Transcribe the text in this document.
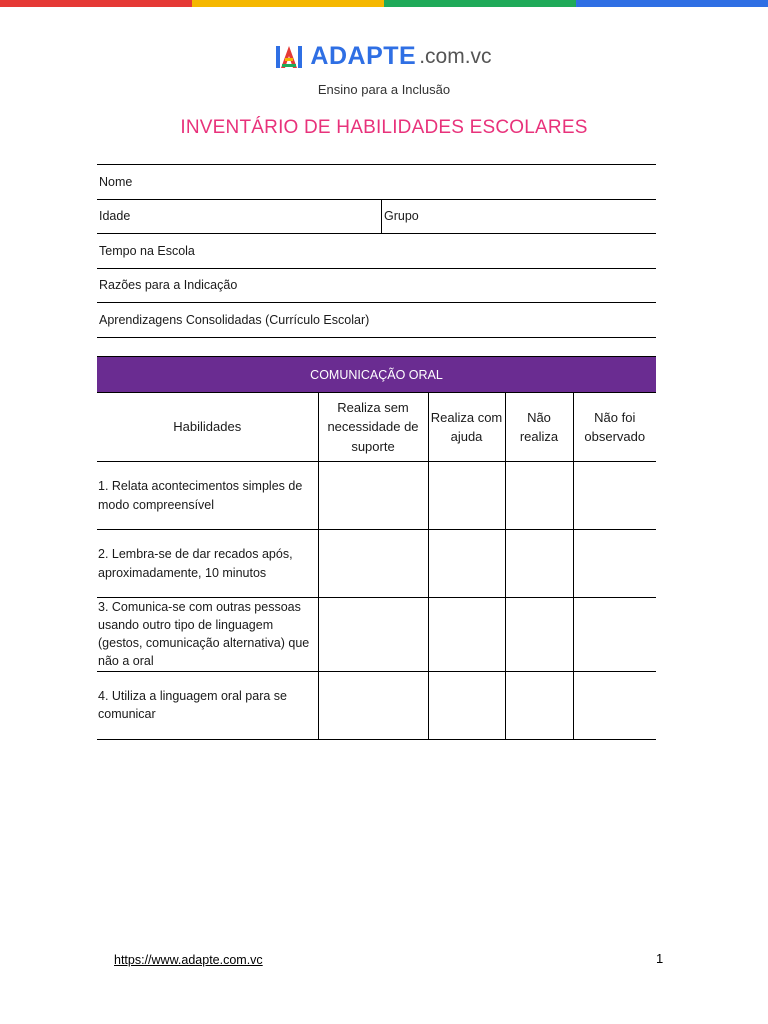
ADAPTE .com.vc
Ensino para a Inclusão
INVENTÁRIO DE HABILIDADES ESCOLARES
Nome
Idade	Grupo
Tempo na Escola
Razões para a Indicação
Aprendizagens Consolidadas (Currículo Escolar)
COMUNICAÇÃO ORAL				
Habilidades	Realiza sem necessidade de suporte	Realiza com ajuda	Não realiza	Não foi observado
1. Relata acontecimentos simples de modo compreensível				
2. Lembra-se de dar recados após, aproximadamente, 10 minutos				
3. Comunica-se com outras pessoas usando outro tipo de linguagem (gestos, comunicação alternativa) que não a oral				
4. Utiliza a linguagem oral para se comunicar				
https://www.adapte.com.vc	1
